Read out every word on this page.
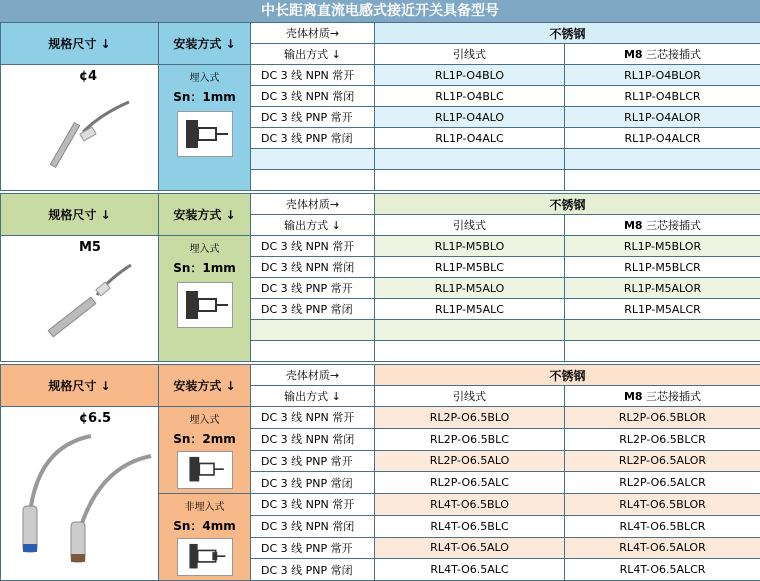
中长距离直流电感式接近开关具备型号
规格尺寸 ↓	安装方式 ↓	壳体材质→	不锈钢	
		输出方式 ↓	引线式	M8 三芯接插式

¢4	埋入式
Sn：1mm	DC 3 线 NPN 常开	RL1P-O4BLO	RL1P-O4BLOR
		DC 3 线 NPN 常闭	RL1P-O4BLC	RL1P-O4BLCR
		DC 3 线 PNP 常开	RL1P-O4ALO	RL1P-O4ALOR
		DC 3 线 PNP 常闭	RL1P-O4ALC	RL1P-O4ALCR

规格尺寸 ↓	安装方式 ↓	壳体材质→	不锈钢	
		输出方式 ↓	引线式	M8 三芯接插式

M5	埋入式
Sn：1mm	DC 3 线 NPN 常开	RL1P-M5BLO	RL1P-M5BLOR
		DC 3 线 NPN 常闭	RL1P-M5BLC	RL1P-M5BLCR
		DC 3 线 PNP 常开	RL1P-M5ALO	RL1P-M5ALOR
		DC 3 线 PNP 常闭	RL1P-M5ALC	RL1P-M5ALCR

规格尺寸 ↓	安装方式 ↓	壳体材质→	不锈钢	
		输出方式 ↓	引线式	M8 三芯接插式

¢6.5	埋入式
Sn：2mm	DC 3 线 NPN 常开	RL2P-O6.5BLO	RL2P-O6.5BLOR
		DC 3 线 NPN 常闭	RL2P-O6.5BLC	RL2P-O6.5BLCR
		DC 3 线 PNP 常开	RL2P-O6.5ALO	RL2P-O6.5ALOR
		DC 3 线 PNP 常闭	RL2P-O6.5ALC	RL2P-O6.5ALCR

	非埋入式
Sn：4mm	DC 3 线 NPN 常开	RL4T-O6.5BLO	RL4T-O6.5BLOR
		DC 3 线 NPN 常闭	RL4T-O6.5BLC	RL4T-O6.5BLCR
		DC 3 线 PNP 常开	RL4T-O6.5ALO	RL4T-O6.5ALOR
		DC 3 线 PNP 常闭	RL4T-O6.5ALC	RL4T-O6.5ALCR
